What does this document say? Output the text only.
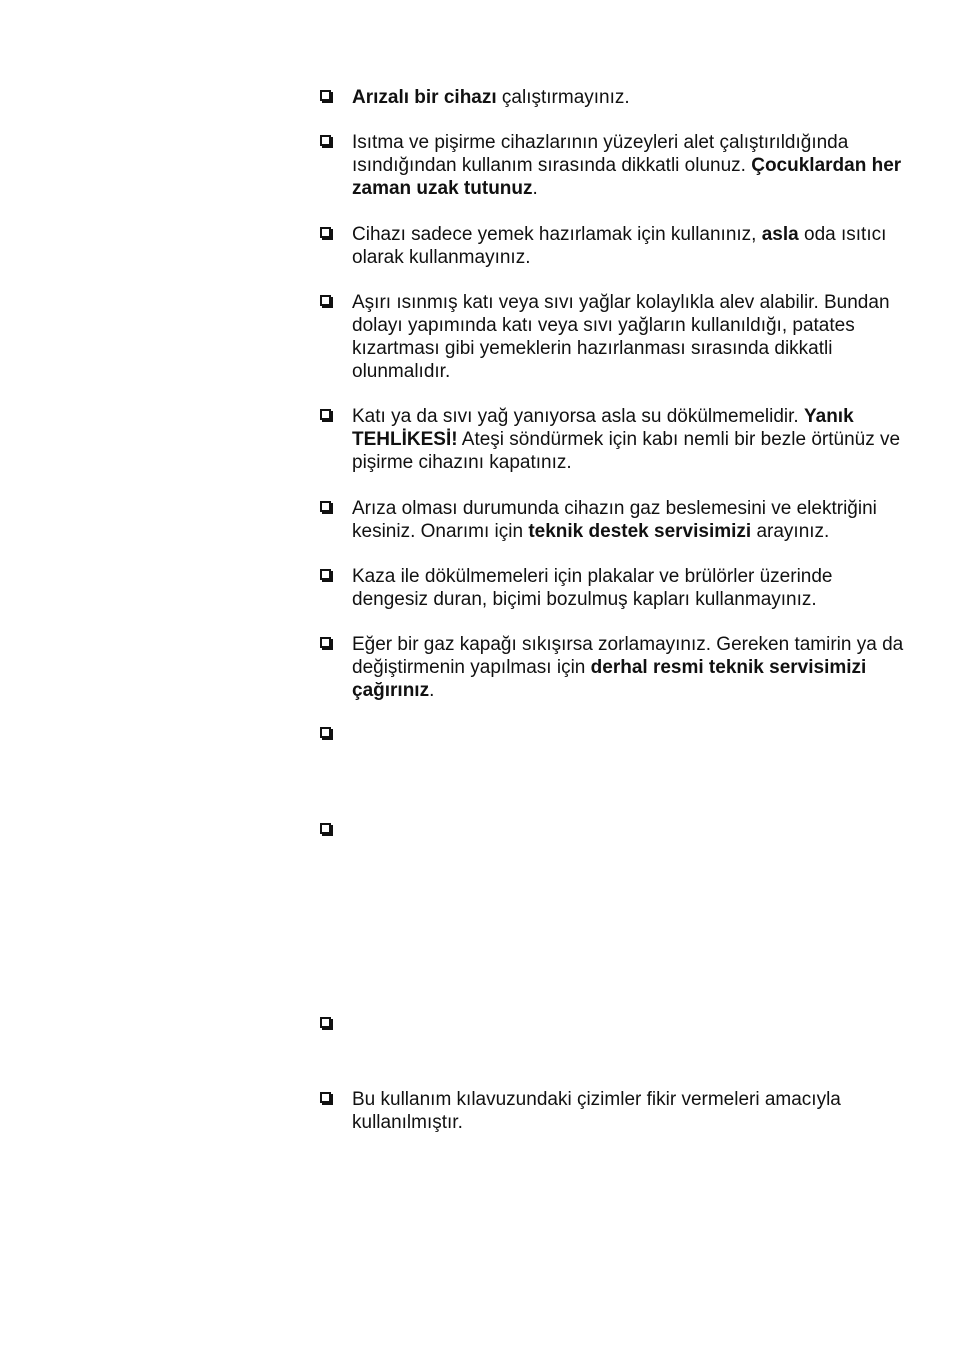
Arızalı bir cihazı çalıştırmayınız.
Isıtma ve pişirme cihazlarının yüzeyleri alet çalıştırıldığında ısındığından kullanım sırasında dikkatli olunuz. Çocuklardan her zaman uzak tutunuz.
Cihazı sadece yemek hazırlamak için kullanınız, asla oda ısıtıcı olarak kullanmayınız.
Aşırı ısınmış katı veya sıvı yağlar kolaylıkla alev alabilir. Bundan dolayı yapımında katı veya sıvı yağların kullanıldığı, patates kızartması gibi yemeklerin hazırlanması sırasında dikkatli olunmalıdır.
Katı ya da sıvı yağ yanıyorsa asla su dökülmemelidir. Yanık TEHLİKESİ! Ateşi söndürmek için kabı nemli bir bezle örtünüz ve pişirme cihazını kapatınız.
Arıza olması durumunda cihazın gaz beslemesini ve elektriğini kesiniz. Onarımı için teknik destek servisimizi arayınız.
Kaza ile dökülmemeleri için plakalar ve brülörler üzerinde dengesiz duran, biçimi bozulmuş kapları kullanmayınız.
Eğer bir gaz kapağı sıkışırsa zorlamayınız. Gereken tamirin ya da değiştirmenin yapılması için derhal resmi teknik servisimizi çağırınız.
Bu kullanım kılavuzundaki çizimler fikir vermeleri amacıyla kullanılmıştır.
